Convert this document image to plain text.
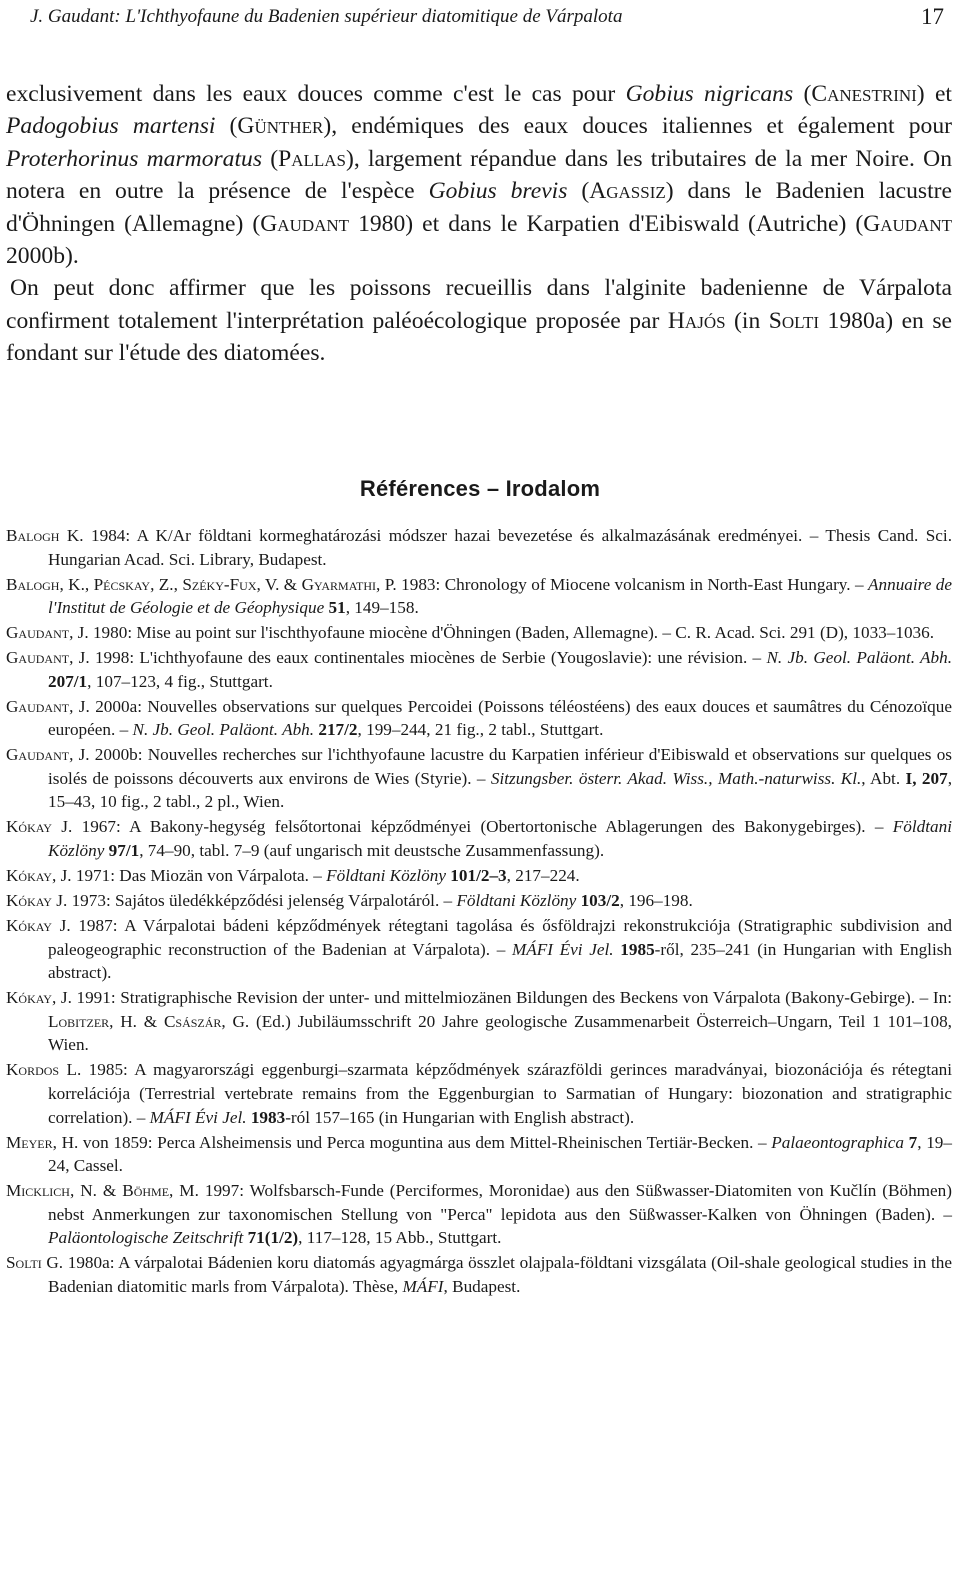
J. Gaudant: L'Ichthyofaune du Badenien supérieur diatomitique de Várpalota	17

exclusivement dans les eaux douces comme c'est le cas pour Gobius nigricans (Canestrini) et Padogobius martensi (Günther), endémiques des eaux douces italiennes et également pour Proterhorinus marmoratus (Pallas), largement répandue dans les tributaires de la mer Noire. On notera en outre la présence de l'espèce Gobius brevis (Agassiz) dans le Badenien lacustre d'Öhningen (Allemagne) (Gaudant 1980) et dans le Karpatien d'Eibiswald (Autriche) (Gaudant 2000b).

On peut donc affirmer que les poissons recueillis dans l'alginite badenienne de Várpalota confirment totalement l'interprétation paléoécologique proposée par Hajós (in Solti 1980a) en se fondant sur l'étude des diatomées.

Références – Irodalom

Balogh K. 1984: A K/Ar földtani kormeghatározási módszer hazai bevezetése és alkalmazásának eredményei. – Thesis Cand. Sci. Hungarian Acad. Sci. Library, Budapest.

Balogh, K., Pécskay, Z., Széky-Fux, V. & Gyarmathi, P. 1983: Chronology of Miocene volcanism in North-East Hungary. – Annuaire de l'Institut de Géologie et de Géophysique 51, 149–158.

Gaudant, J. 1980: Mise au point sur l'ischthyofaune miocène d'Öhningen (Baden, Allemagne). – C. R. Acad. Sci. 291 (D), 1033–1036.

Gaudant, J. 1998: L'ichthyofaune des eaux continentales miocènes de Serbie (Yougoslavie): une révision. – N. Jb. Geol. Paläont. Abh. 207/1, 107–123, 4 fig., Stuttgart.

Gaudant, J. 2000a: Nouvelles observations sur quelques Percoidei (Poissons téléostéens) des eaux douces et saumâtres du Cénozoïque européen. – N. Jb. Geol. Paläont. Abh. 217/2, 199–244, 21 fig., 2 tabl., Stuttgart.

Gaudant, J. 2000b: Nouvelles recherches sur l'ichthyofaune lacustre du Karpatien inférieur d'Eibiswald et observations sur quelques os isolés de poissons découverts aux environs de Wies (Styrie). – Sitzungsber. österr. Akad. Wiss., Math.-naturwiss. Kl., Abt. I, 207, 15–43, 10 fig., 2 tabl., 2 pl., Wien.

Kókay J. 1967: A Bakony-hegység felsőtortonai képződményei (Obertortonische Ablagerungen des Bakonygebirges). – Földtani Közlöny 97/1, 74–90, tabl. 7–9 (auf ungarisch mit deustsche Zusammenfassung).

Kókay, J. 1971: Das Miozän von Várpalota. – Földtani Közlöny 101/2–3, 217–224.

Kókay J. 1973: Sajátos üledékképződési jelenség Várpalotáról. – Földtani Közlöny 103/2, 196–198.

Kókay J. 1987: A Várpalotai bádeni képződmények rétegtani tagolása és ősföldrajzi rekonstrukciója (Stratigraphic subdivision and paleogeographic reconstruction of the Badenian at Várpalota). – MÁFI Évi Jel. 1985-ről, 235–241 (in Hungarian with English abstract).

Kókay, J. 1991: Stratigraphische Revision der unter- und mittelmiozänen Bildungen des Beckens von Várpalota (Bakony-Gebirge). – In: Lobitzer, H. & Császár, G. (Ed.) Jubiläumsschrift 20 Jahre geologische Zusammenarbeit Österreich–Ungarn, Teil 1 101–108, Wien.

Kordos L. 1985: A magyarországi eggenburgi–szarmata képződmények szárazföldi gerinces maradványai, biozonációja és rétegtani korrelációja (Terrestrial vertebrate remains from the Eggenburgian to Sarmatian of Hungary: biozonation and stratigraphic correlation). – MÁFI Évi Jel. 1983-ról 157–165 (in Hungarian with English abstract).

Meyer, H. von 1859: Perca Alsheimensis und Perca moguntina aus dem Mittel-Rheinischen Tertiär-Becken. – Palaeontographica 7, 19–24, Cassel.

Micklich, N. & Böhme, M. 1997: Wolfsbarsch-Funde (Perciformes, Moronidae) aus den Süßwasser-Diatomiten von Kučlín (Böhmen) nebst Anmerkungen zur taxonomischen Stellung von "Perca" lepidota aus den Süßwasser-Kalken von Öhningen (Baden). – Paläontologische Zeitschrift 71(1/2), 117–128, 15 Abb., Stuttgart.

Solti G. 1980a: A várpalotai Bádenien koru diatomás agyagmárga összlet olajpala-földtani vizsgálata (Oil-shale geological studies in the Badenian diatomitic marls from Várpalota). Thèse, MÁFI, Budapest.
